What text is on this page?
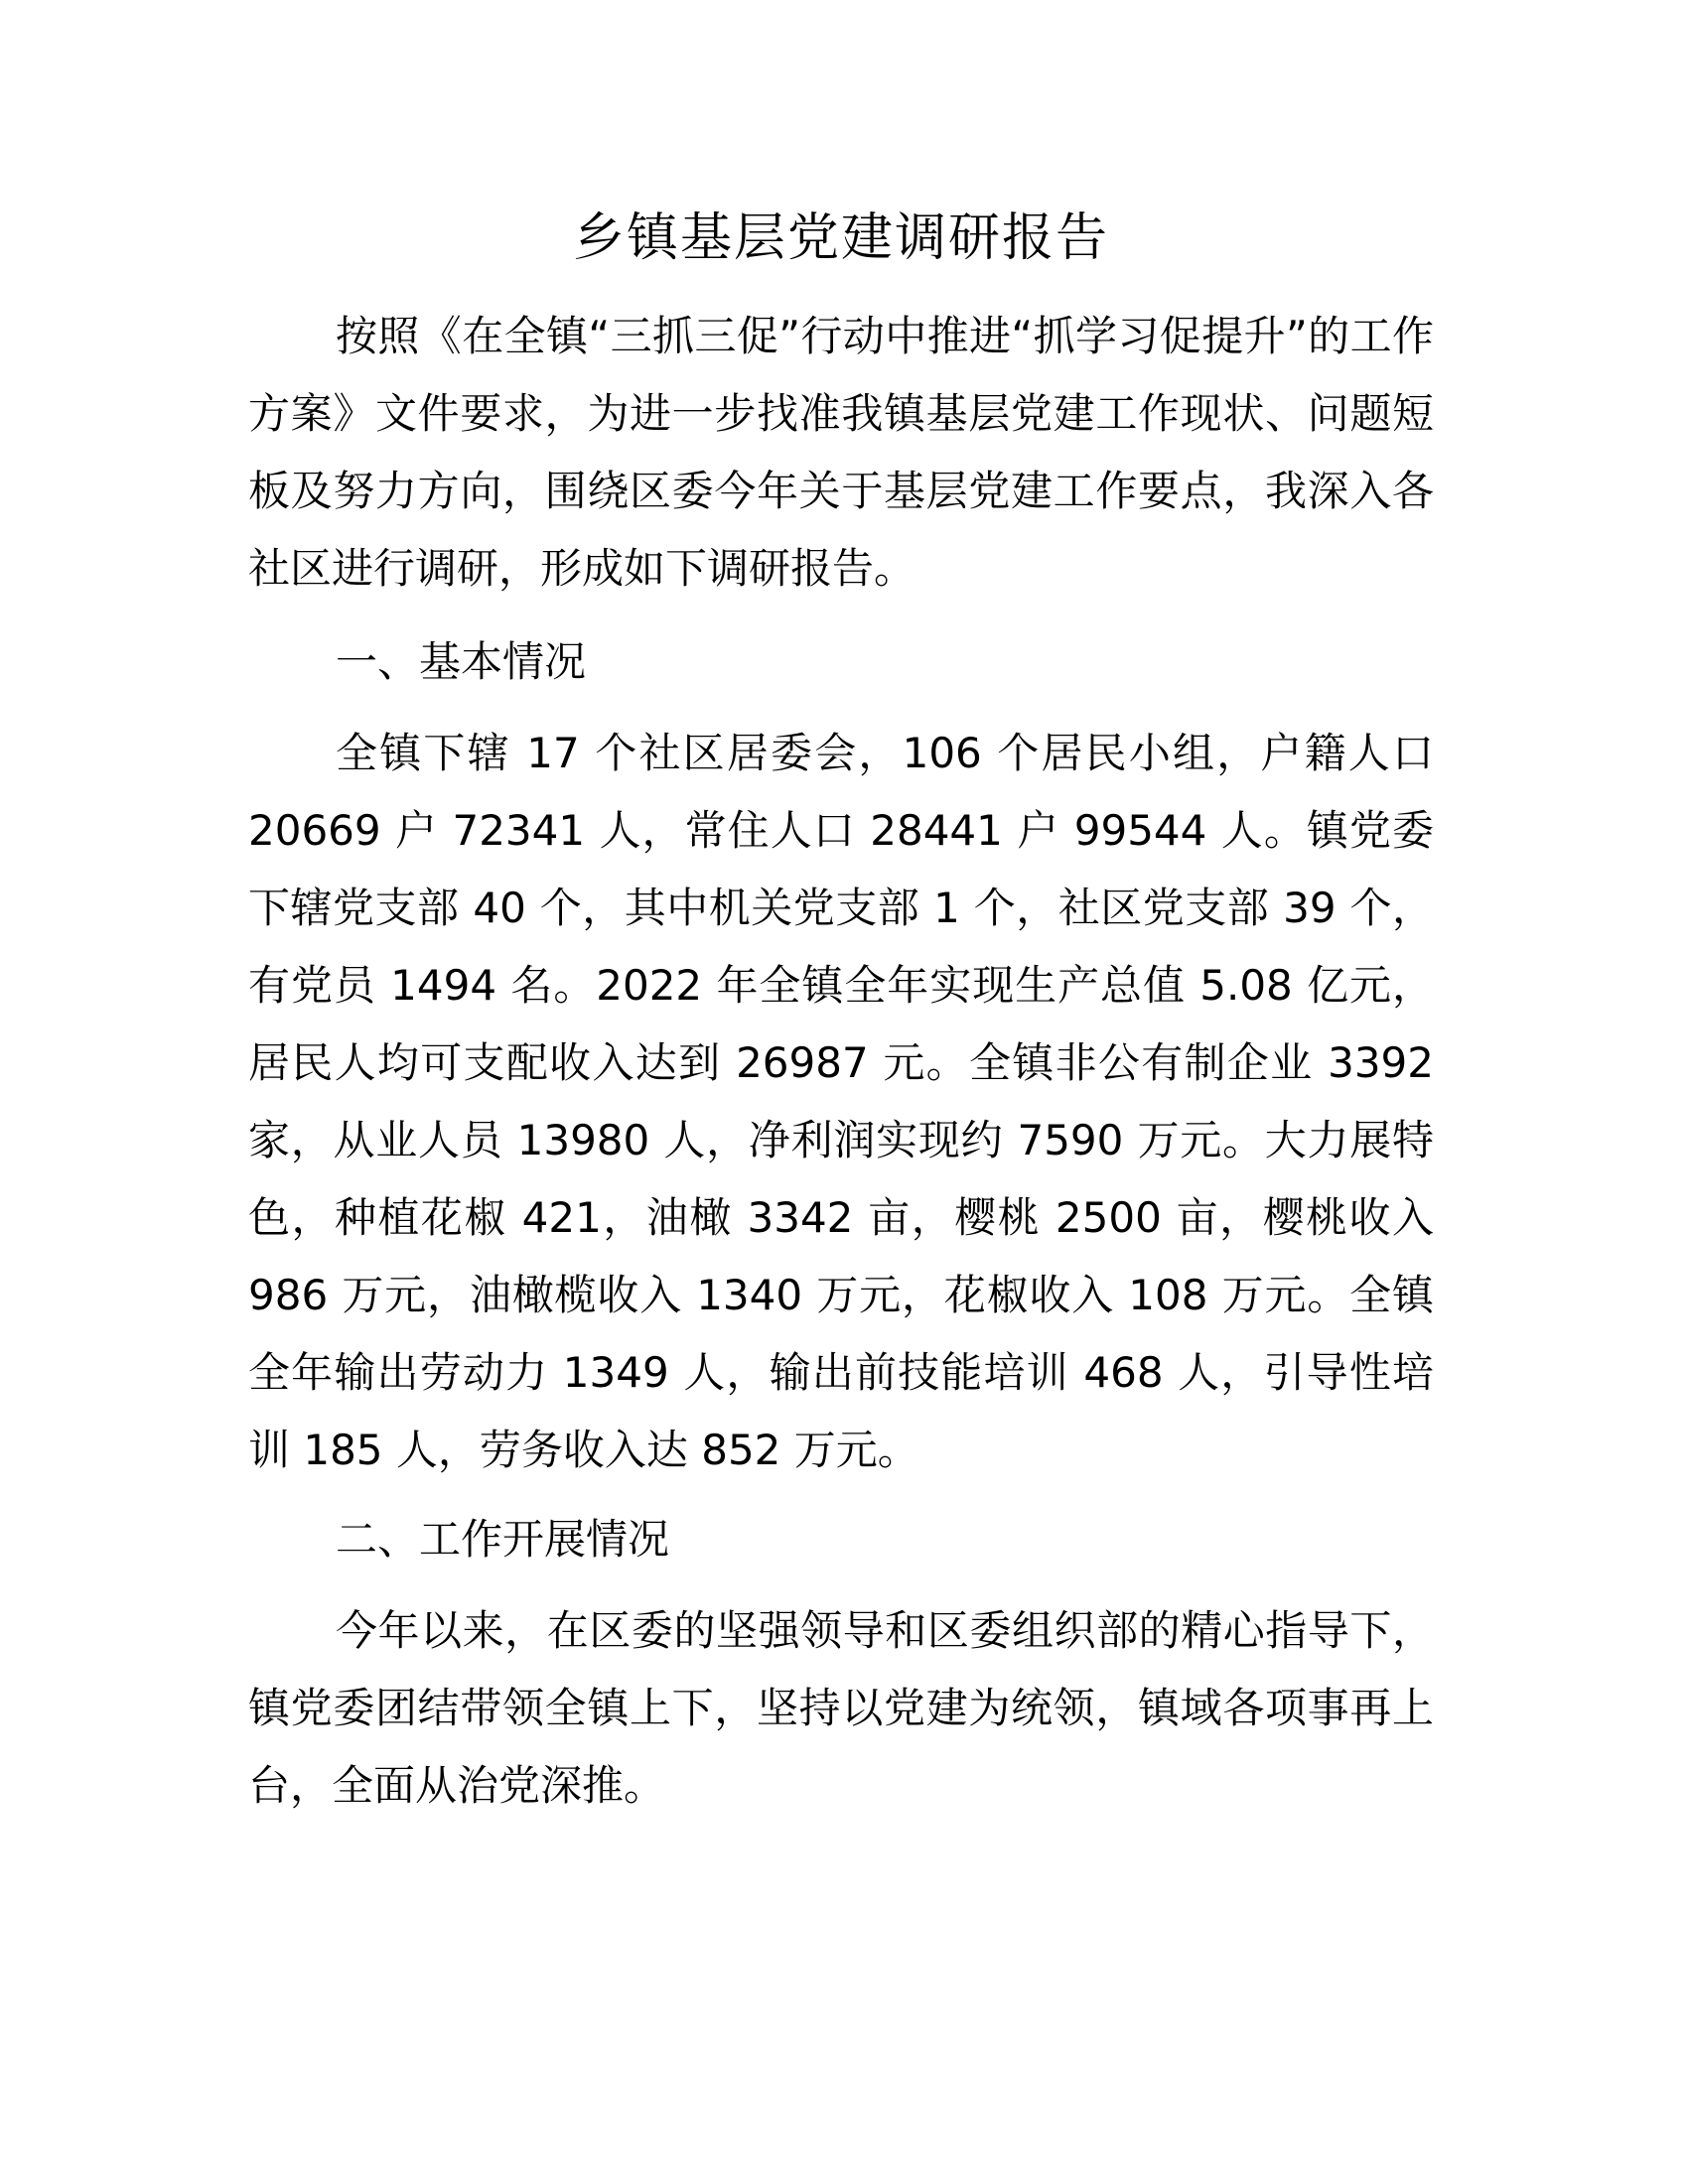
乡镇基层党建调研报告
按照《在全镇“三抓三促”行动中推进“抓学习促提升”的工作方案》文件要求，为进一步找准我镇基层党建工作现状、问题短板及努力方向，围绕区委今年关于基层党建工作要点，我深入各社区进行调研，形成如下调研报告。
一、基本情况
全镇下辖 17 个社区居委会，106 个居民小组，户籍人口 20669 户 72341 人，常住人口 28441 户 99544 人。镇党委下辖党支部 40 个，其中机关党支部 1 个，社区党支部 39 个，有党员 1494 名。2022 年全镇全年实现生产总值 5.08 亿元，居民人均可支配收入达到 26987 元。全镇非公有制企业 3392 家，从业人员 13980 人，净利润实现约 7590 万元。大力展特色，种植花椒 421，油橄 3342 亩，樱桃 2500 亩，樱桃收入 986 万元，油橄榄收入 1340 万元，花椒收入 108 万元。全镇全年输出劳动力 1349 人，输出前技能培训 468 人，引导性培训 185 人，劳务收入达 852 万元。
二、工作开展情况
今年以来，在区委的坚强领导和区委组织部的精心指导下，镇党委团结带领全镇上下，坚持以党建为统领，镇域各项事再上台，全面从治党深推。
